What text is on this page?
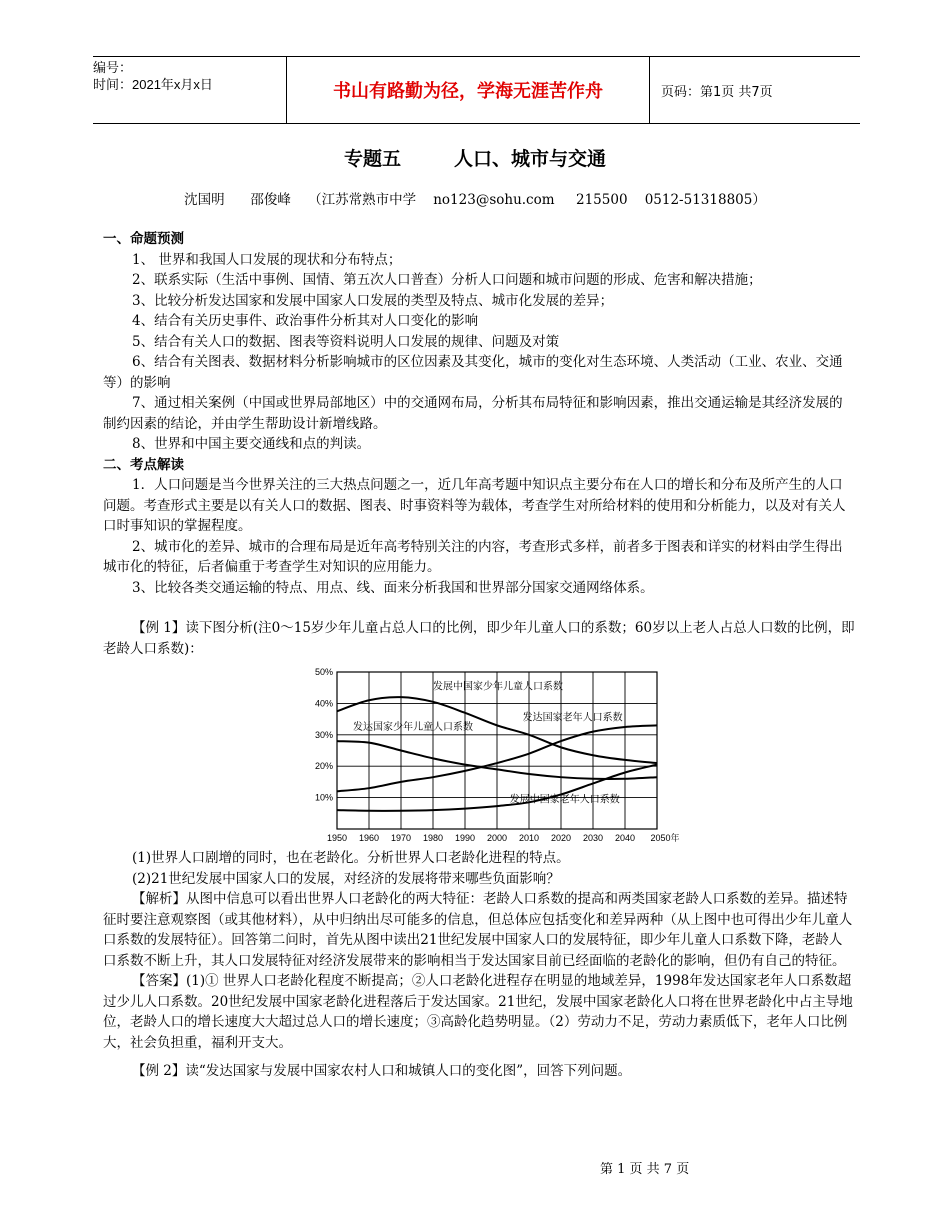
编号：
时间：2021年x月x日	书山有路勤为径，学海无涯苦作舟	页码：第1页 共7页
专题五        人口、城市与交通
沈国明      邵俊峰    （江苏常熟市中学    no123@sohu.com     215500    0512-51318805）

一、命题预测

1、 世界和我国人口发展的现状和分布特点；

2、联系实际（生活中事例、国情、第五次人口普查）分析人口问题和城市问题的形成、危害和解决措施；

3、比较分析发达国家和发展中国家人口发展的类型及特点、城市化发展的差异；

4、结合有关历史事件、政治事件分析其对人口变化的影响

5、结合有关人口的数据、图表等资料说明人口发展的规律、问题及对策

6、结合有关图表、数据材料分析影响城市的区位因素及其变化，城市的变化对生态环境、人类活动（工业、农业、交通等）的影响

7、通过相关案例（中国或世界局部地区）中的交通网布局，分析其布局特征和影响因素，推出交通运输是其经济发展的制约因素的结论，并由学生帮助设计新增线路。

8、世界和中国主要交通线和点的判读。

二、考点解读

1．人口问题是当今世界关注的三大热点问题之一，近几年高考题中知识点主要分布在人口的增长和分布及所产生的人口问题。考查形式主要是以有关人口的数据、图表、时事资料等为载体，考查学生对所给材料的使用和分析能力，以及对有关人口时事知识的掌握程度。

2、城市化的差异、城市的合理布局是近年高考特别关注的内容，考查形式多样，前者多于图表和详实的材料由学生得出城市化的特征，后者偏重于考查学生对知识的应用能力。

3、比较各类交通运输的特点、用点、线、面来分析我国和世界部分国家交通网络体系。

【例 1】读下图分析(注0～15岁少年儿童占总人口的比例，即少年儿童人口的系数；60岁以上老人占总人口数的比例，即老龄人口系数)：

50%
40%
30%
20%
10%
1950 1960 1970 1980 1990 2000 2010 2020 2030 2040 2050年
发展中国家少年儿童人口系数
发达国家老年人口系数
发达国家少年儿童人口系数
发展中国家老年人口系数

(1)世界人口剧增的同时，也在老龄化。分析世界人口老龄化进程的特点。

(2)21世纪发展中国家人口的发展，对经济的发展将带来哪些负面影响？

【解析】从图中信息可以看出世界人口老龄化的两大特征：老龄人口系数的提高和两类国家老龄人口系数的差异。描述特征时要注意观察图（或其他材料），从中归纳出尽可能多的信息，但总体应包括变化和差异两种（从上图中也可得出少年儿童人口系数的发展特征）。回答第二问时，首先从图中读出21世纪发展中国家人口的发展特征，即少年儿童人口系数下降，老龄人口系数不断上升，其人口发展特征对经济发展带来的影响相当于发达国家目前已经面临的老龄化的影响，但仍有自己的特征。

【答案】(1)① 世界人口老龄化程度不断提高；②人口老龄化进程存在明显的地域差异，1998年发达国家老年人口系数超过少儿人口系数。20世纪发展中国家老龄化进程落后于发达国家。21世纪，发展中国家老龄化人口将在世界老龄化中占主导地位，老龄人口的增长速度大大超过总人口的增长速度；③高龄化趋势明显。（2）劳动力不足，劳动力素质低下，老年人口比例大，社会负担重，福利开支大。

【例 2】读“发达国家与发展中国家农村人口和城镇人口的变化图”，回答下列问题。

第 1 页 共 7 页
